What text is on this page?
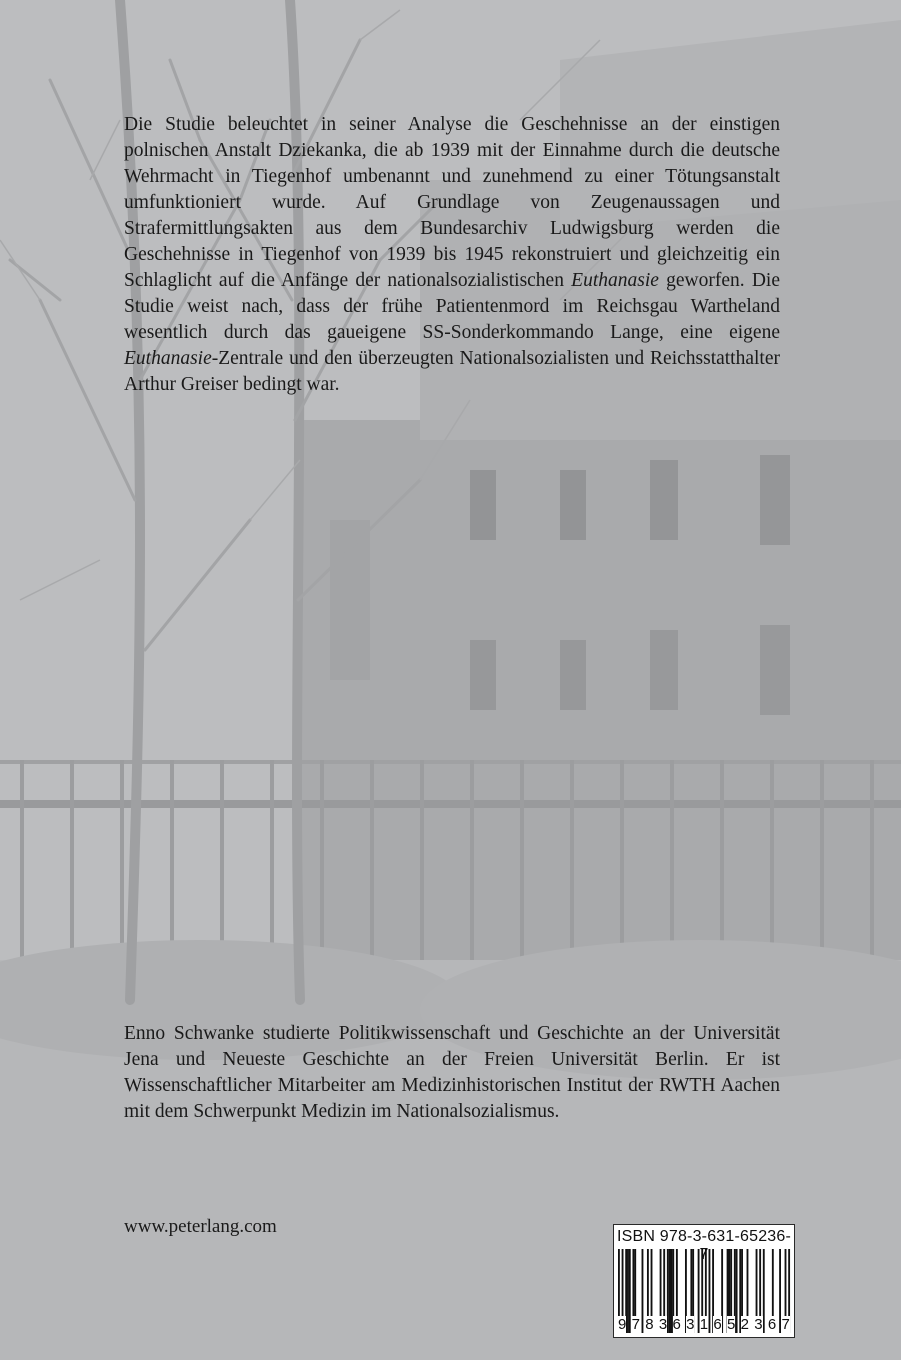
Die Studie beleuchtet in seiner Analyse die Geschehnisse an der einstigen polnischen Anstalt Dziekanka, die ab 1939 mit der Einnahme durch die deutsche Wehrmacht in Tiegenhof umbenannt und zunehmend zu einer Tötungsanstalt umfunktioniert wurde. Auf Grundlage von Zeugenaussagen und Strafermittlungsakten aus dem Bundesarchiv Ludwigsburg werden die Geschehnisse in Tiegenhof von 1939 bis 1945 rekonstruiert und gleichzeitig ein Schlaglicht auf die Anfänge der nationalsozialistischen Euthanasie geworfen. Die Studie weist nach, dass der frühe Patientenmord im Reichsgau Wartheland wesentlich durch das gaueigene SS-Sonderkommando Lange, eine eigene Euthanasie-Zentrale und den überzeugten Nationalsozialisten und Reichsstatthalter Arthur Greiser bedingt war.

Enno Schwanke studierte Politikwissenschaft und Geschichte an der Universität Jena und Neueste Geschichte an der Freien Universität Berlin. Er ist Wissenschaftlicher Mitarbeiter am Medizinhistorischen Institut der RWTH Aachen mit dem Schwerpunkt Medizin im Nationalsozialismus.

www.peterlang.com	ISBN 978-3-631-65236-7
9 7 8 3 6 3 1 6 5 2 3 6 7
